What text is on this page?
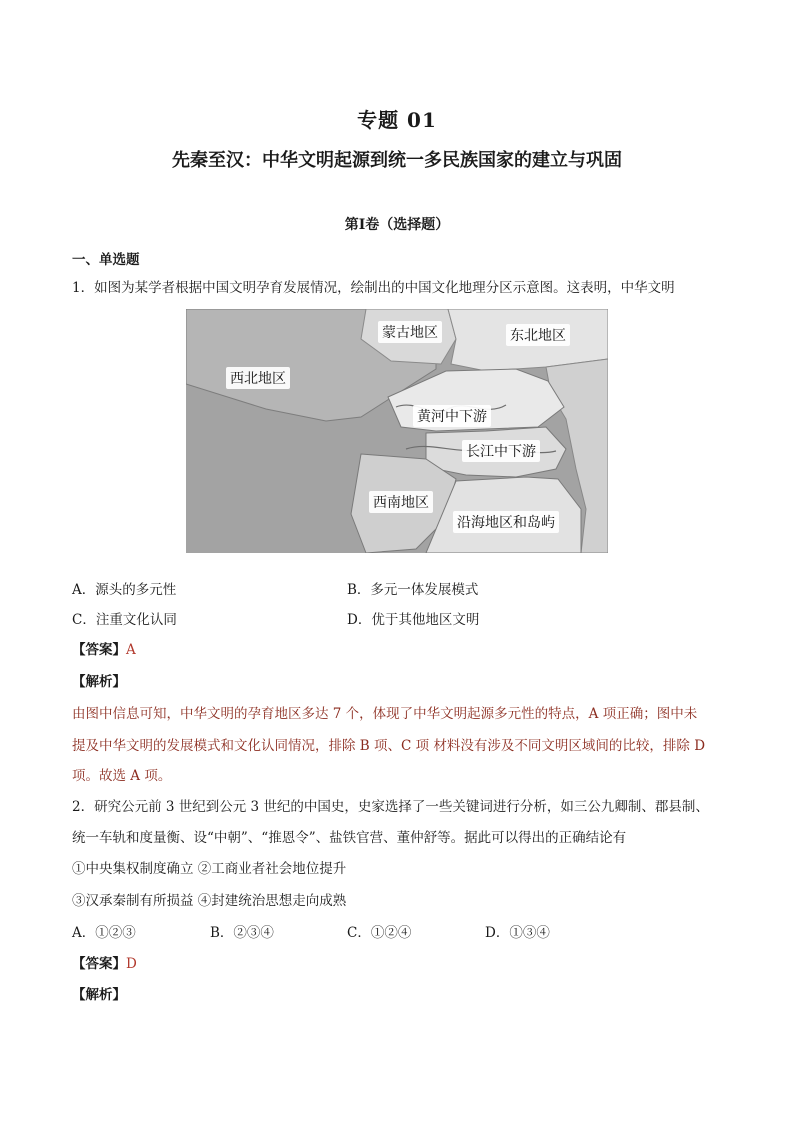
专题 01
先秦至汉：中华文明起源到统一多民族国家的建立与巩固
第Ⅰ卷（选择题）
一、单选题
1．如图为某学者根据中国文明孕育发展情况，绘制出的中国文化地理分区示意图。这表明，中华文明
蒙古地区	东北地区
西北地区
黄河中下游
长江中下游
西南地区
沿海地区和岛屿
A．源头的多元性	B．多元一体发展模式
C．注重文化认同	D．优于其他地区文明
【答案】A
【解析】
由图中信息可知，中华文明的孕育地区多达 7 个，体现了中华文明起源多元性的特点，A 项正确；图中未
提及中华文明的发展模式和文化认同情况，排除 B 项、C 项 材料没有涉及不同文明区域间的比较，排除 D
项。故选 A 项。
2．研究公元前 3 世纪到公元 3 世纪的中国史，史家选择了一些关键词进行分析，如三公九卿制、郡县制、
统一车轨和度量衡、设“中朝”、“推恩令”、盐铁官营、董仲舒等。据此可以得出的正确结论有
①中央集权制度确立 ②工商业者社会地位提升
③汉承秦制有所损益 ④封建统治思想走向成熟
A．①②③	B．②③④	C．①②④	D．①③④
【答案】D
【解析】
